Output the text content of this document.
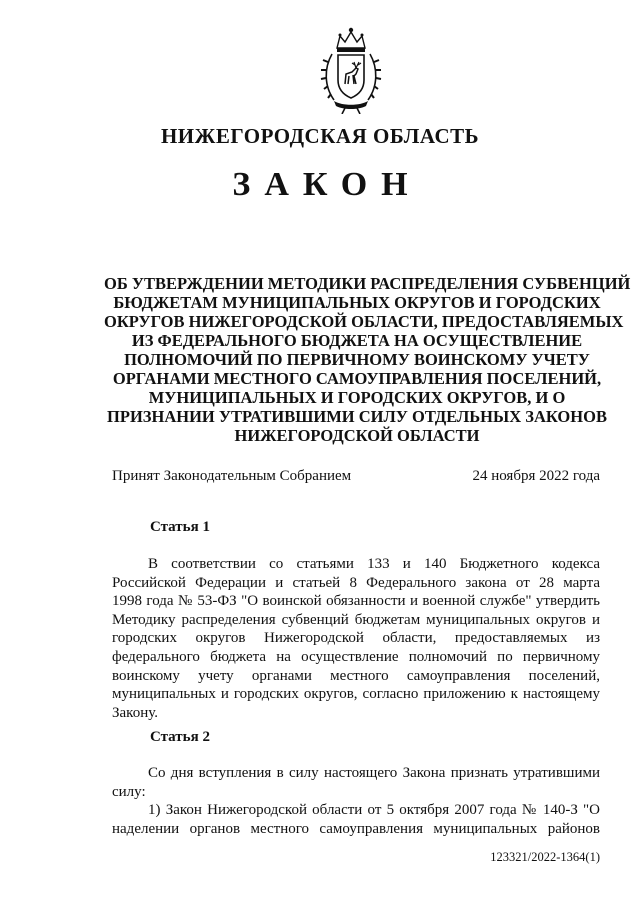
НИЖЕГОРОДСКАЯ ОБЛАСТЬ
ЗАКОН
ОБ УТВЕРЖДЕНИИ МЕТОДИКИ РАСПРЕДЕЛЕНИЯ СУБВЕНЦИЙ
БЮДЖЕТАМ МУНИЦИПАЛЬНЫХ ОКРУГОВ И ГОРОДСКИХ
ОКРУГОВ НИЖЕГОРОДСКОЙ ОБЛАСТИ, ПРЕДОСТАВЛЯЕМЫХ
ИЗ ФЕДЕРАЛЬНОГО БЮДЖЕТА НА ОСУЩЕСТВЛЕНИЕ
ПОЛНОМОЧИЙ ПО ПЕРВИЧНОМУ ВОИНСКОМУ УЧЕТУ
ОРГАНАМИ МЕСТНОГО САМОУПРАВЛЕНИЯ ПОСЕЛЕНИЙ,
МУНИЦИПАЛЬНЫХ И ГОРОДСКИХ ОКРУГОВ, И О
ПРИЗНАНИИ УТРАТИВШИМИ СИЛУ ОТДЕЛЬНЫХ ЗАКОНОВ
НИЖЕГОРОДСКОЙ ОБЛАСТИ
Принят Законодательным Собранием	24 ноября 2022 года
Статья 1

В соответствии со статьями 133 и 140 Бюджетного кодекса
Российской Федерации и статьей 8 Федерального закона от 28 марта
1998 года № 53-ФЗ "О воинской обязанности и военной службе" утвердить
Методику распределения субвенций бюджетам муниципальных округов и
городских округов Нижегородской области, предоставляемых из
федерального бюджета на осуществление полномочий по первичному
воинскому учету органами местного самоуправления поселений,
муниципальных и городских округов, согласно приложению к настоящему
Закону.

Статья 2

Со дня вступления в силу настоящего Закона признать утратившими
силу:
1) Закон Нижегородской области от 5 октября 2007 года № 140-З "О
наделении органов местного самоуправления муниципальных районов

123321/2022-1364(1)
